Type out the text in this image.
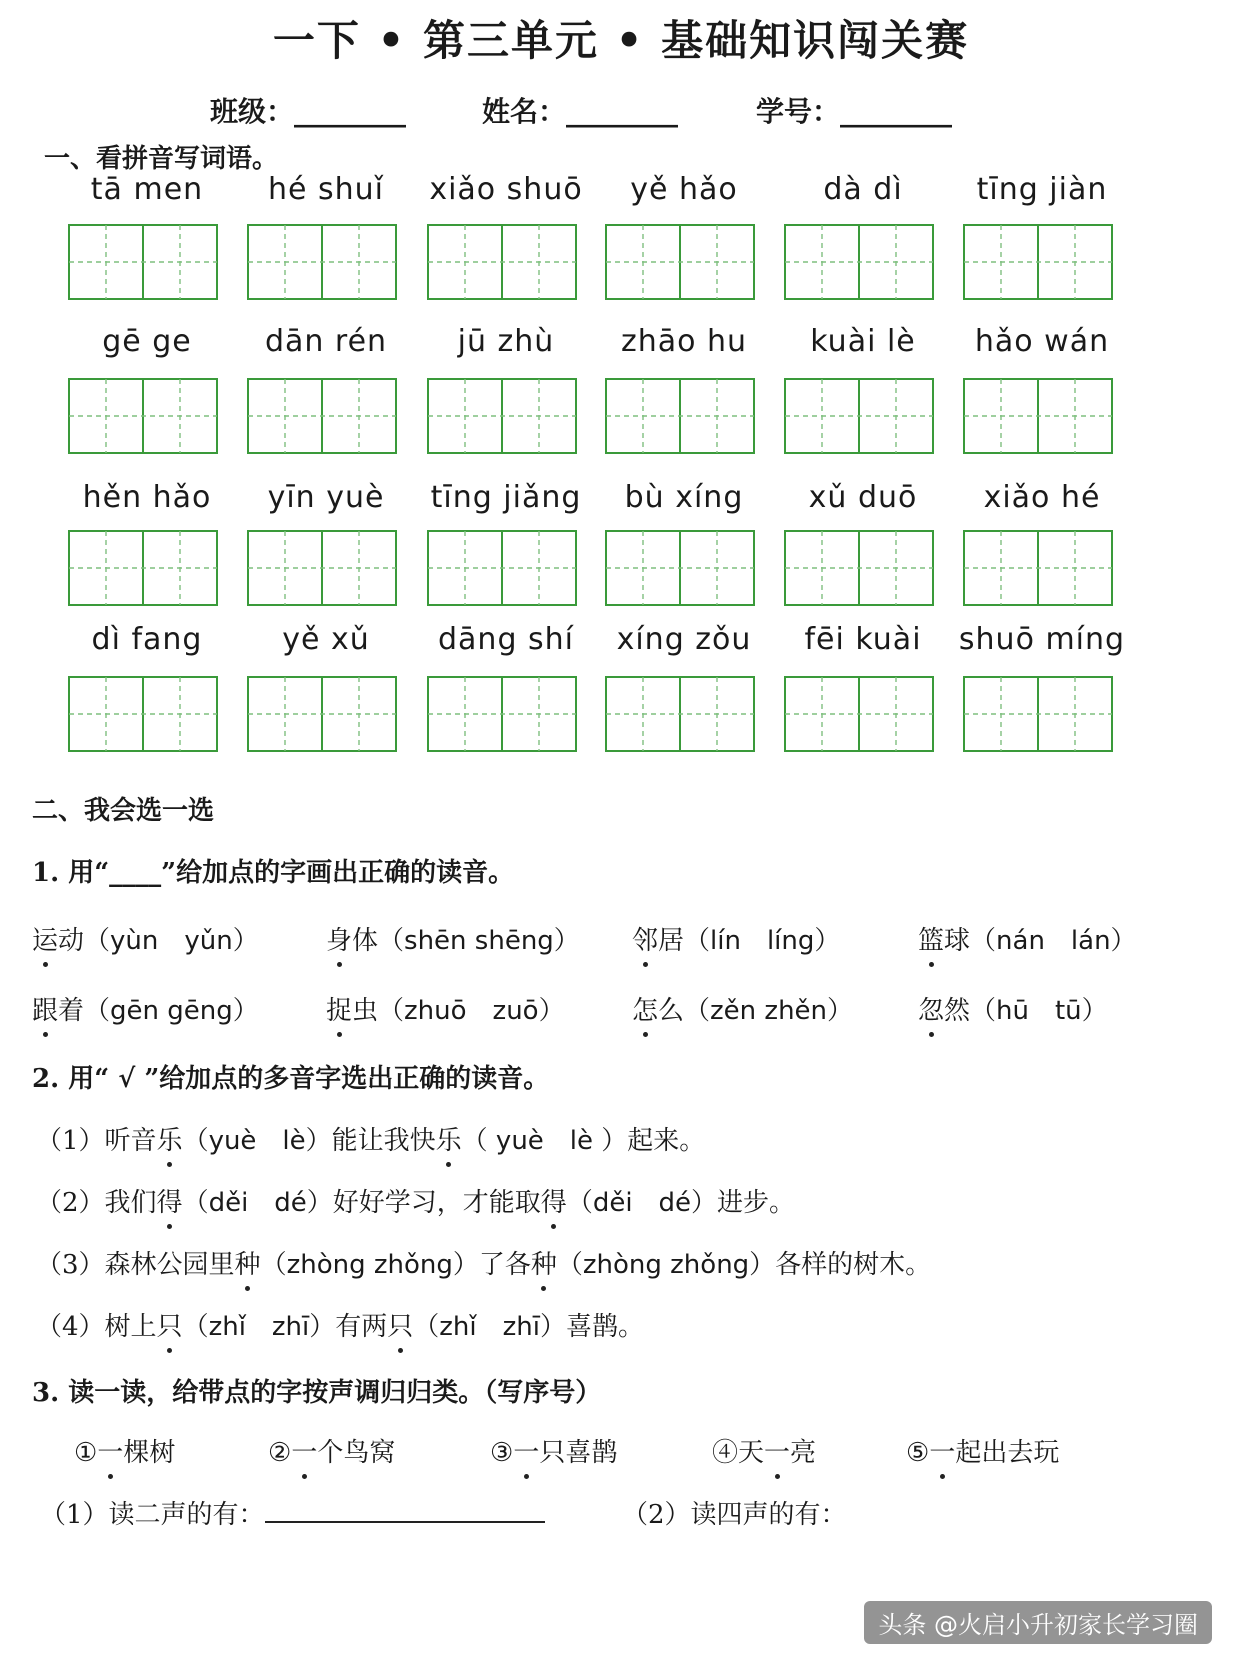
一下 • 第三单元 • 基础知识闯关赛
班级：________	姓名：________	学号：________
一、看拼音写词语。
tā men	hé shuǐ	xiǎo shuō	yě hǎo	dà dì	tīng jiàn
gē ge	dān rén	jū zhù	zhāo hu	kuài lè	hǎo wán
hěn hǎo	yīn yuè	tīng jiǎng	bù xíng	xǔ duō	xiǎo hé
dì fang	yě xǔ	dāng shí	xíng zǒu	fēi kuài	shuō míng
二、我会选一选
1. 用“____”给加点的字画出正确的读音。
运动（yùn　yǔn）	身体（shēn shēng） 邻居（lín　líng）	篮球（nán　lán）
跟着（gēn gēng）	捉虫（zhuō　zuō）	怎么（zěn zhěn） 忽然（hū　tū）
2. 用“ √ ”给加点的多音字选出正确的读音。
（1）听音乐（yuè　lè）能让我快乐（ yuè　lè ）起来。
（2）我们得（děi　dé）好好学习，才能取得（děi　dé）进步。
（3）森林公园里种（zhòng zhǒng）了各种（zhòng zhǒng）各样的树木。
（4）树上只（zhǐ　zhī）有两只（zhǐ　zhī）喜鹊。
3. 读一读，给带点的字按声调归归类。（写序号）
①一棵树	②一个鸟窝	③一只喜鹊	④天一亮	⑤一起出去玩
（1）读二声的有：	（2）读四声的有：
头条 @火启小升初家长学习圈
